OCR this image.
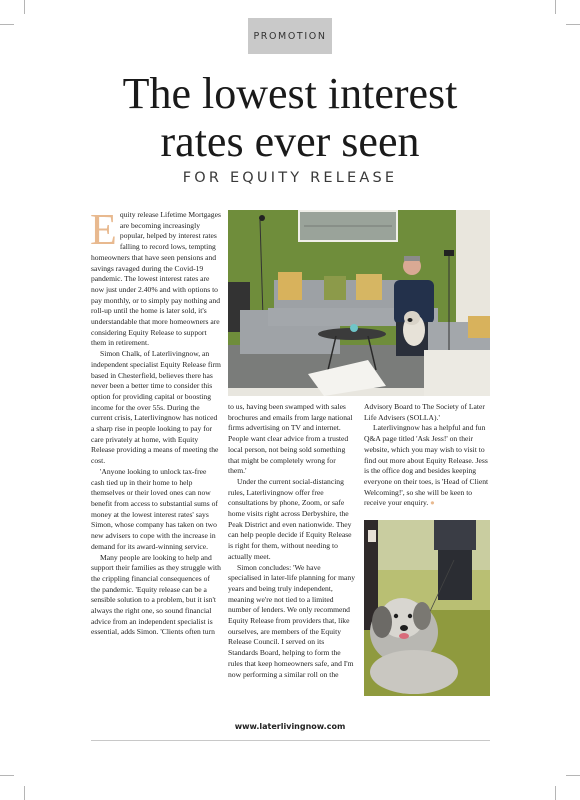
PROMOTION
The lowest interest
rates ever seen
FOR EQUITY RELEASE

Equity release Lifetime Mortgages are becoming increasingly popular, helped by interest rates falling to record lows, tempting homeowners that have seen pensions and savings ravaged during the Covid-19 pandemic. The lowest interest rates are now just under 2.40% and with options to pay monthly, or to simply pay nothing and roll-up until the home is later sold, it's understandable that more homeowners are considering Equity Release to support them in retirement.

Simon Chalk, of Laterlivingnow, an independent specialist Equity Release firm based in Chesterfield, believes there has never been a better time to consider this option for providing capital or boosting income for the over 55s. During the current crisis, Laterlivingnow has noticed a sharp rise in people looking to pay for care privately at home, with Equity Release providing a means of meeting the cost.

'Anyone looking to unlock tax-free cash tied up in their home to help themselves or their loved ones can now benefit from access to substantial sums of money at the lowest interest rates' says Simon, whose company has taken on two new advisers to cope with the increase in demand for its award-winning service.

Many people are looking to help and support their families as they struggle with the crippling financial consequences of the pandemic. 'Equity release can be a sensible solution to a problem, but it isn't always the right one, so sound financial advice from an independent specialist is essential, adds Simon. 'Clients often turn

to us, having been swamped with sales brochures and emails from large national firms advertising on TV and internet. People want clear advice from a trusted local person, not being sold something that might be completely wrong for them.'

Under the current social-distancing rules, Laterlivingnow offer free consultations by phone, Zoom, or safe home visits right across Derbyshire, the Peak District and even nationwide. They can help people decide if Equity Release is right for them, without needing to actually meet.

Simon concludes: 'We have specialised in later-life planning for many years and being truly independent, meaning we're not tied to a limited number of lenders. We only recommend Equity Release from providers that, like ourselves, are members of the Equity Release Council. I served on its Standards Board, helping to form the rules that keep homeowners safe, and I'm now performing a similar roll on the

Advisory Board to The Society of Later Life Advisers (SOLLA).'

Laterlivingnow has a helpful and fun Q&A page titled 'Ask Jess!' on their website, which you may wish to visit to find out more about Equity Release. Jess is the office dog and besides keeping everyone on their toes, is 'Head of Client Welcoming!', so she will be keen to receive your enquiry. ●

www.laterlivingnow.com
